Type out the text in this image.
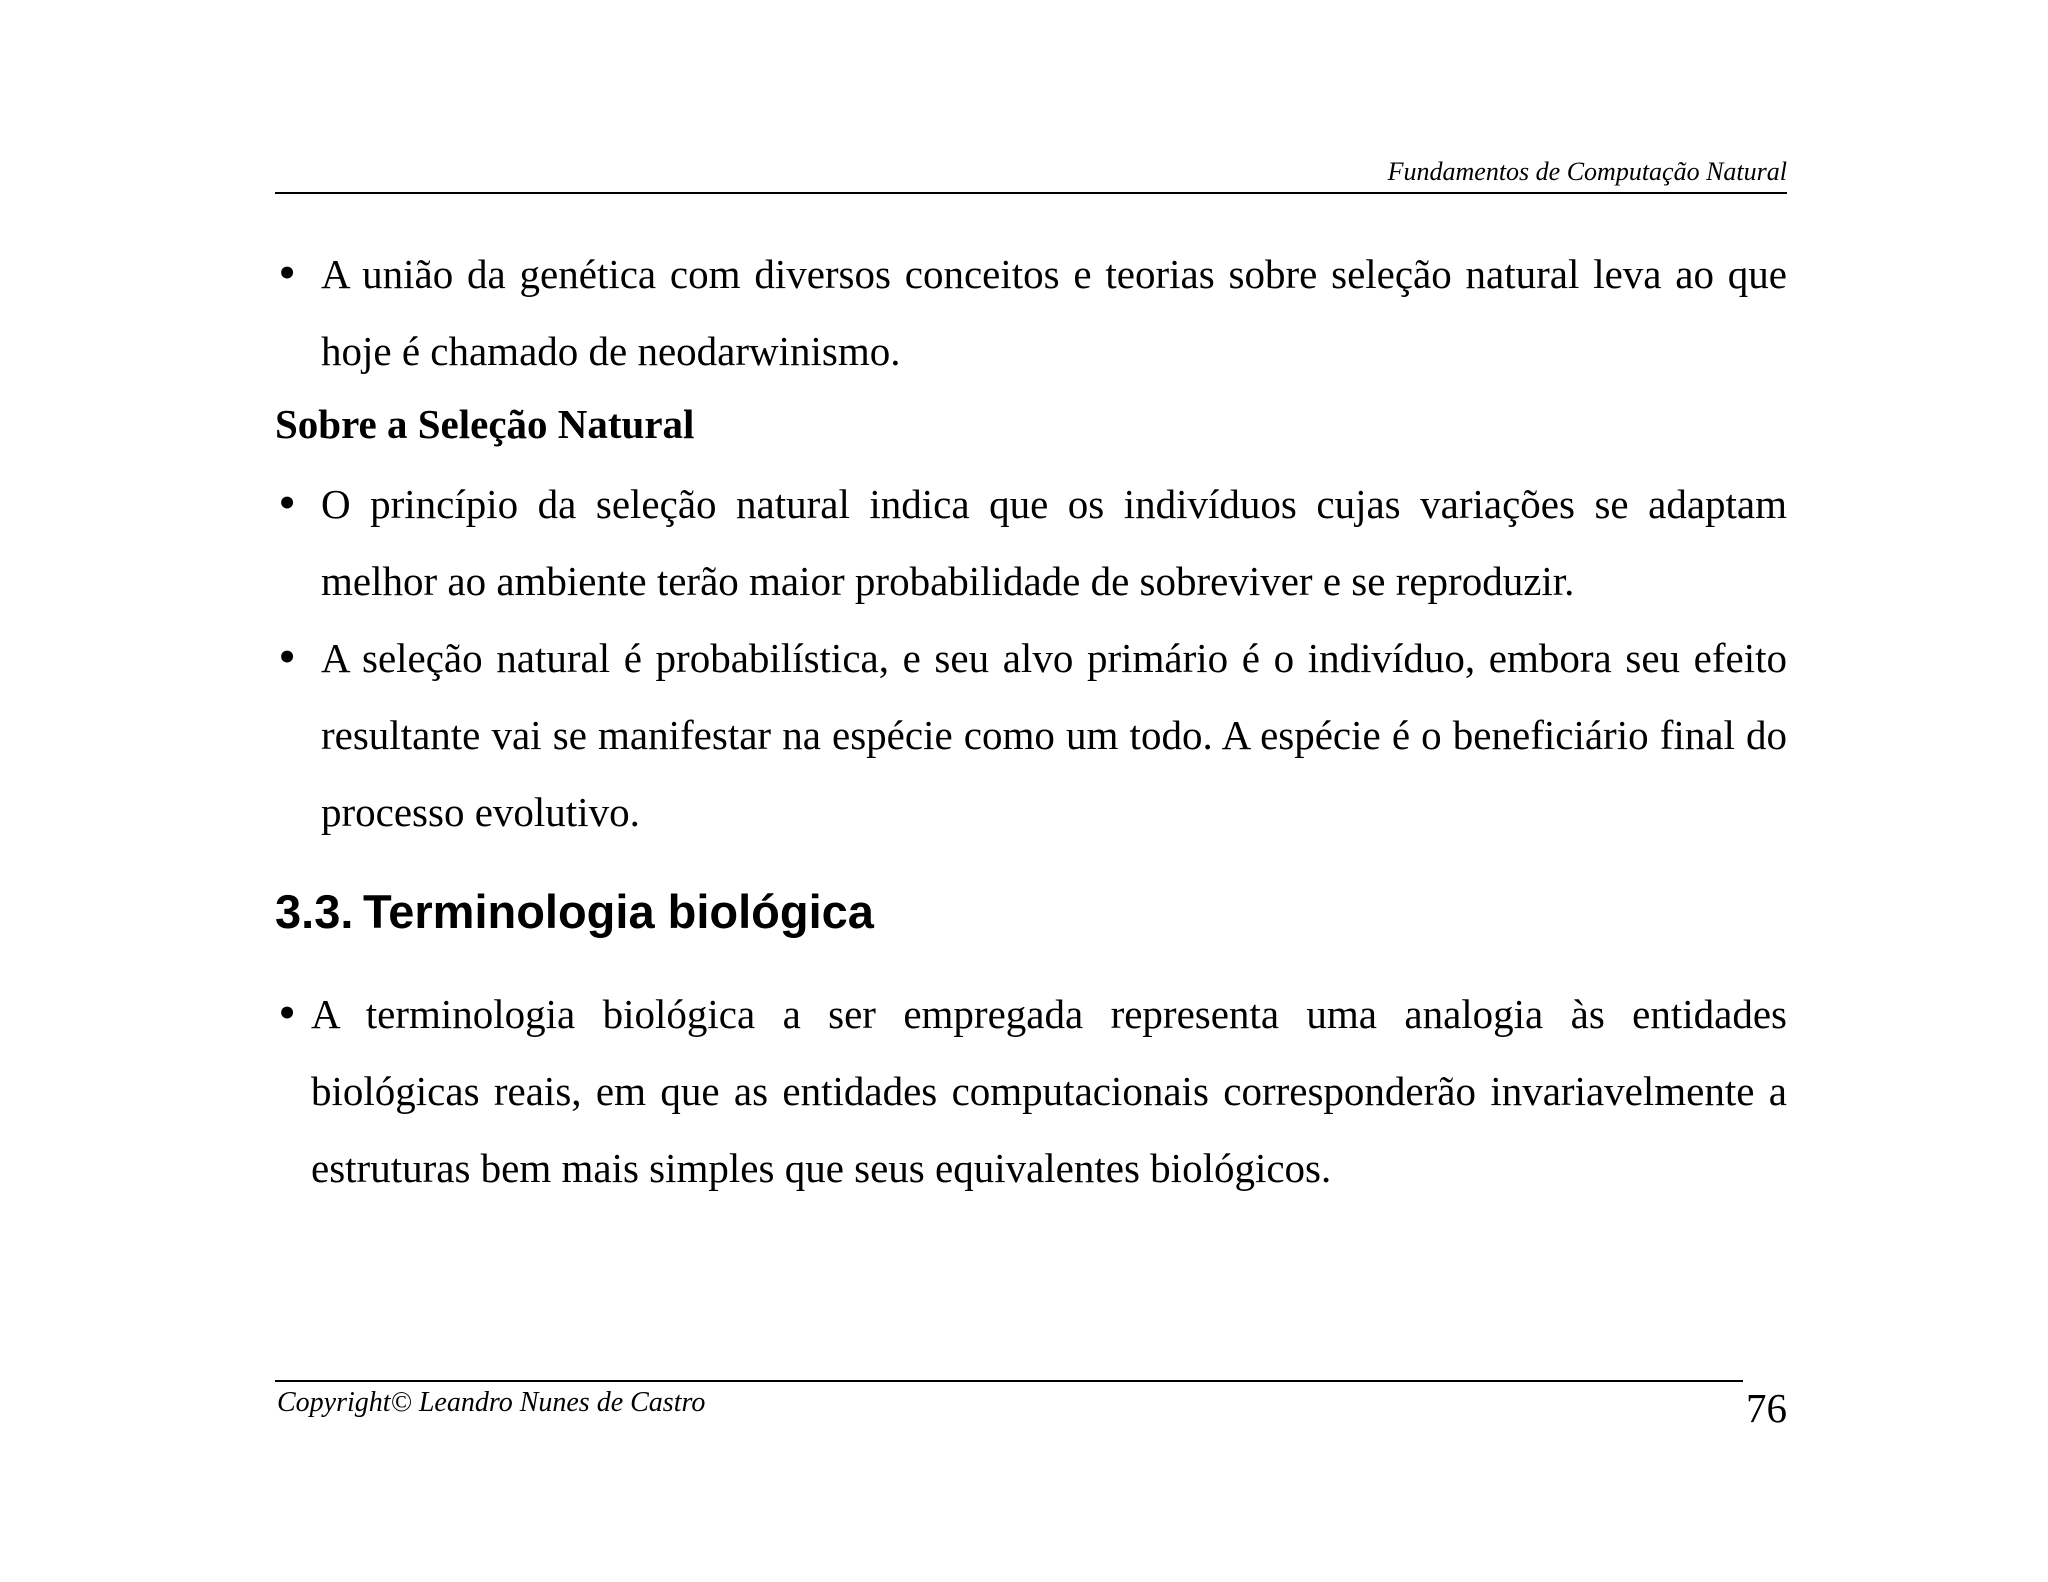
Fundamentos de Computação Natural
• A união da genética com diversos conceitos e teorias sobre seleção natural leva ao que hoje é chamado de neodarwinismo.
Sobre a Seleção Natural
• O princípio da seleção natural indica que os indivíduos cujas variações se adaptam melhor ao ambiente terão maior probabilidade de sobreviver e se reproduzir.
• A seleção natural é probabilística, e seu alvo primário é o indivíduo, embora seu efeito resultante vai se manifestar na espécie como um todo. A espécie é o beneficiário final do processo evolutivo.
3.3. Terminologia biológica
• A terminologia biológica a ser empregada representa uma analogia às entidades biológicas reais, em que as entidades computacionais corresponderão invariavelmente a estruturas bem mais simples que seus equivalentes biológicos.
Copyright© Leandro Nunes de Castro	76
